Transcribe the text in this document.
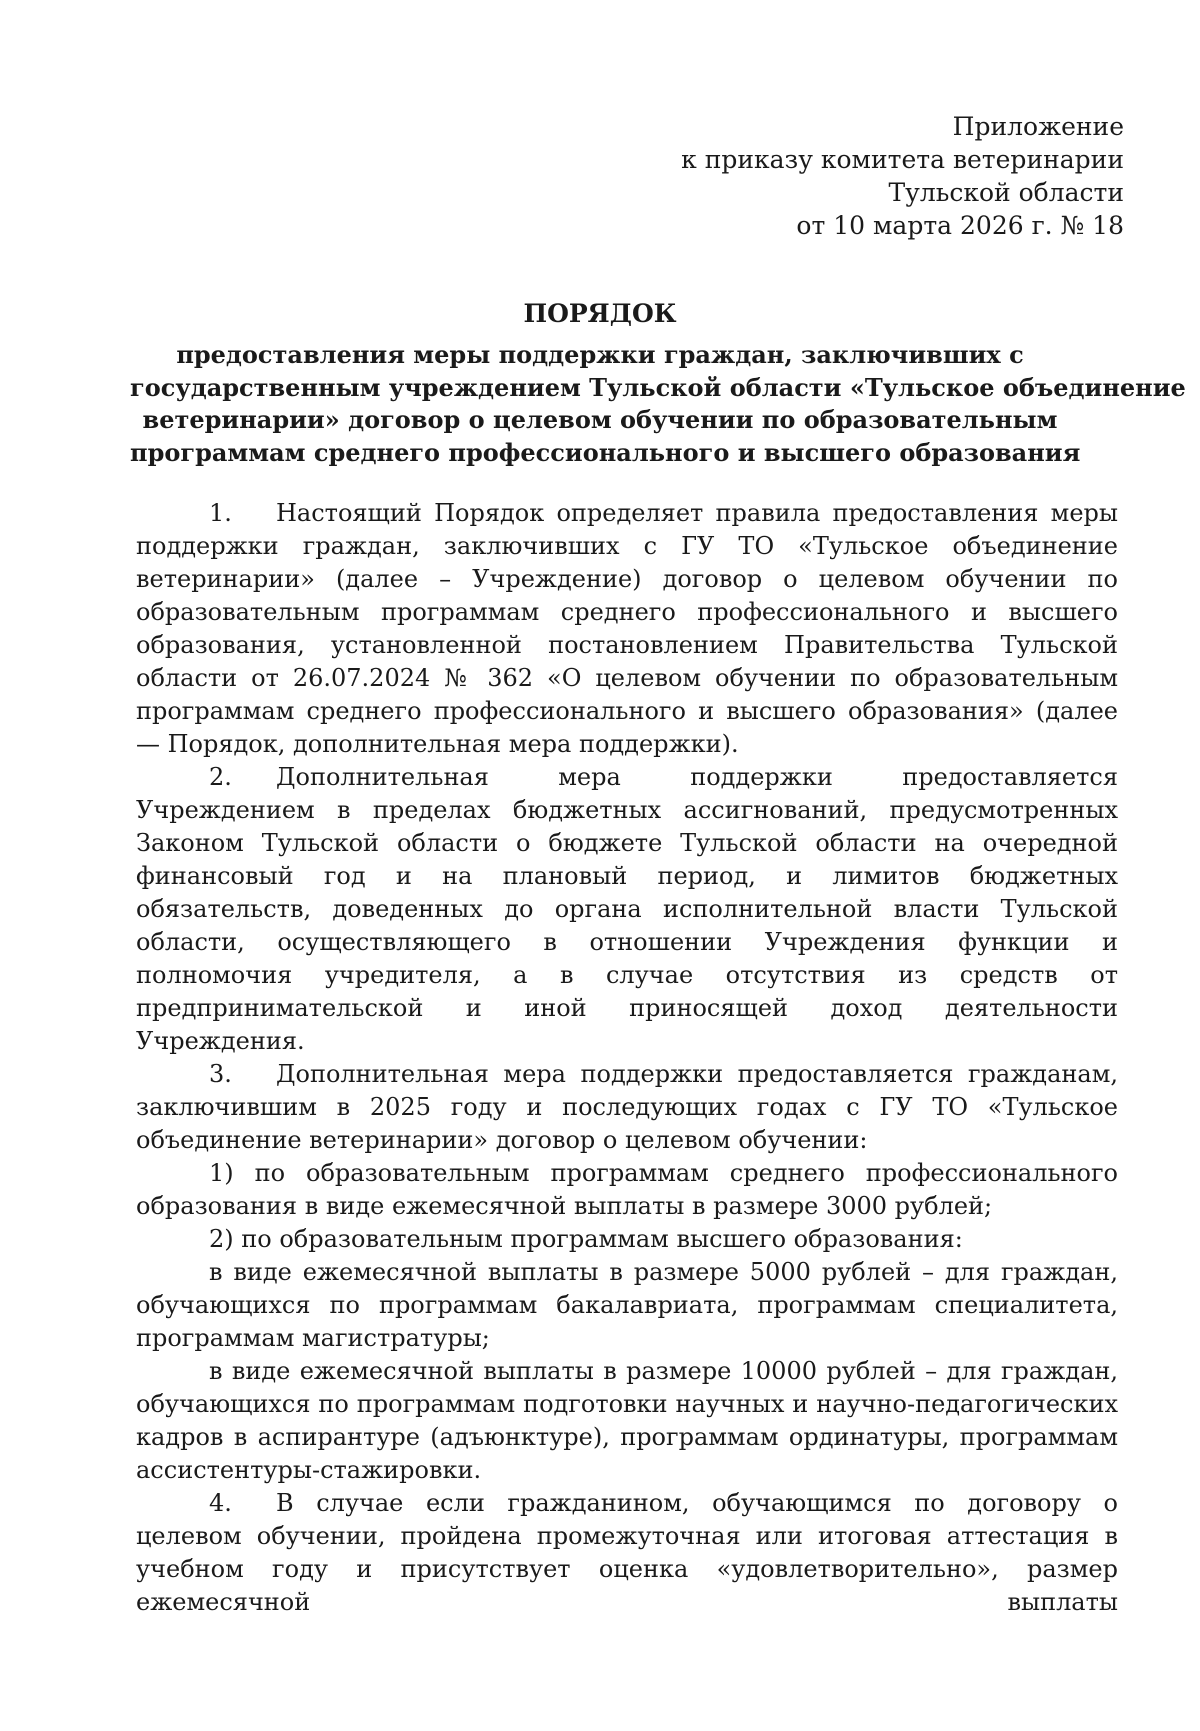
Приложение
к приказу комитета ветеринарии
Тульской области
от 10 марта 2026 г. № 18
ПОРЯДОК
предоставления меры поддержки граждан, заключивших с
государственным учреждением Тульской области «Тульское объединение
ветеринарии» договор о целевом обучении по образовательным
программам среднего профессионального и высшего образования

1. Настоящий Порядок определяет правила предоставления меры поддержки граждан, заключивших с ГУ ТО «Тульское объединение ветеринарии» (далее – Учреждение) договор о целевом обучении по образовательным программам среднего профессионального и высшего образования, установленной постановлением Правительства Тульской области от 26.07.2024 № 362 «О целевом обучении по образовательным программам среднего профессионального и высшего образования» (далее — Порядок, дополнительная мера поддержки).

2. Дополнительная мера поддержки предоставляется Учреждением в пределах бюджетных ассигнований, предусмотренных Законом Тульской области о бюджете Тульской области на очередной финансовый год и на плановый период, и лимитов бюджетных обязательств, доведенных до органа исполнительной власти Тульской области, осуществляющего в отношении Учреждения функции и полномочия учредителя, а в случае отсутствия из средств от предпринимательской и иной приносящей доход деятельности Учреждения.

3. Дополнительная мера поддержки предоставляется гражданам, заключившим в 2025 году и последующих годах с ГУ ТО «Тульское объединение ветеринарии» договор о целевом обучении:

1) по образовательным программам среднего профессионального образования в виде ежемесячной выплаты в размере 3000 рублей;

2) по образовательным программам высшего образования:

в виде ежемесячной выплаты в размере 5000 рублей – для граждан, обучающихся по программам бакалавриата, программам специалитета, программам магистратуры;

в виде ежемесячной выплаты в размере 10000 рублей – для граждан, обучающихся по программам подготовки научных и научно-педагогических кадров в аспирантуре (адъюнктуре), программам ординатуры, программам ассистентуры-стажировки.

4. В случае если гражданином, обучающимся по договору о целевом обучении, пройдена промежуточная или итоговая аттестация в учебном году и присутствует оценка «удовлетворительно», размер ежемесячной выплаты
